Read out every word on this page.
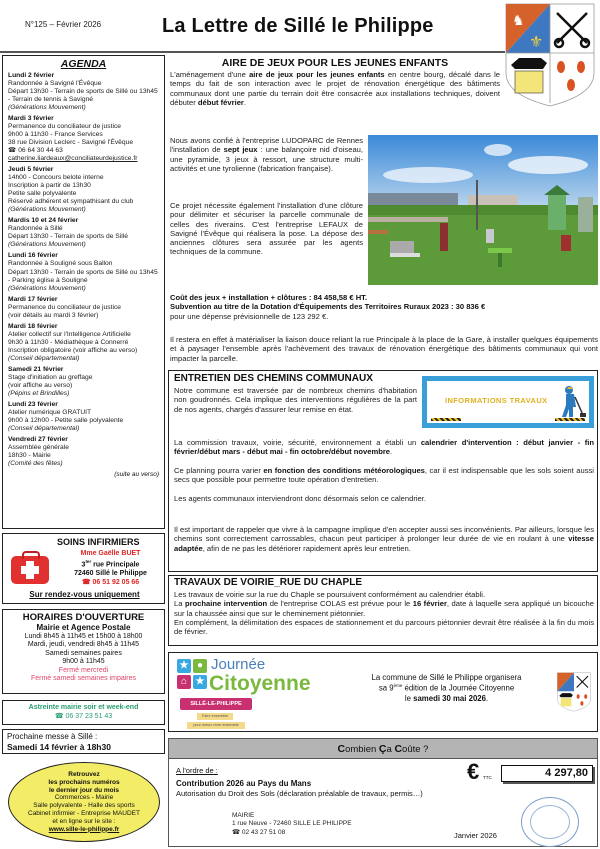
N°125 – Février 2026	La Lettre de Sillé le Philippe	♞
⚜
AGENDA
Lundi 2 février
Randonnée à Savigné l'Évêque
Départ 13h30 - Terrain de sports de Sillé ou 13h45 - Terrain de tennis à Savigné
(Générations Mouvement)
Mardi 3 février
Permanence du conciliateur de justice
9h00 à 11h30 - France Services
38 rue Division Leclerc - Savigné l'Évêque
☎ 06 64 30 44 63
catherine.liardeaux@conciliateurdejustice.fr
Jeudi 5 février
14h00 - Concours belote interne
Inscription à partir de 13h30
Petite salle polyvalente
Réservé adhérent et sympathisant du club
(Générations Mouvement)
Mardis 10 et 24 février
Randonnée à Sillé
Départ 13h30 - Terrain de sports de Sillé
(Générations Mouvement)
Lundi 16 février
Randonnée à Souligné sous Ballon
Départ 13h30 - Terrain de sports de Sillé ou 13h45 - Parking église à Souligné
(Générations Mouvement)
Mardi 17 février
Permanence du conciliateur de justice
(voir détails au mardi 3 février)
Mardi 18 février
Atelier collectif sur l'Intelligence Artificielle
9h30 à 11h30 - Médiathèque à Connerré
Inscription obligatoire (voir affiche au verso)
(Conseil départemental)
Samedi 21 février
Stage d'initiation au greffage
(voir affiche au verso)
(Pépins et Brindilles)
Lundi 23 février
Atelier numérique GRATUIT
9h00 à 12h00 - Petite salle polyvalente
(Conseil départemental)
Vendredi 27 février
Assemblée générale
18h30 - Mairie
(Comité des fêtes)
(suite au verso)
SOINS INFIRMIERS
Mme Gaëlle BUET
$3^{ter}$ rue Principale
72460 Sillé le Philippe
☎ 06 51 92 05 66
Sur rendez-vous uniquement
HORAIRES D'OUVERTURE
Mairie et Agence Postale
Lundi 8h45 à 11h45 et 15h00 à 18h00
Mardi, jeudi, vendredi 8h45 à 11h45
Samedi semaines paires
9h00 à 11h45
Fermé mercredi
Fermé samedi semaines impaires
Astreinte mairie soir et week-end
☎ 06 37 23 51 43
Prochaine messe à Sillé :
Samedi 14 février à 18h30
Retrouvez
les prochains numéros
le dernier jour du mois
Commerces - Mairie
Salle polyvalente - Halle des sports
Cabinet infirmier - Entreprise MAUDET
et en ligne sur le site :
www.sille-le-philippe.fr
AIRE DE JEUX POUR LES JEUNES ENFANTS
L'aménagement d'une aire de jeux pour les jeunes enfants en centre bourg, décalé dans le temps du fait de son interaction avec le projet de rénovation énergétique des bâtiments communaux dont une partie du terrain doit être consacrée aux installations techniques, doivent débuter début février.
Nous avons confié à l'entreprise LUDOPARC de Rennes l'installation de sept jeux : une balançoire nid d'oiseau, une pyramide, 3 jeux à ressort, une structure multi-activités et une tyrolienne (fabrication française).
Ce projet nécessite également l'installation d'une clôture pour délimiter et sécuriser la parcelle communale de celles des riverains. C'est l'entreprise LEFAUX de Savigné l'Évêque qui réalisera la pose. La dépose des anciennes clôtures sera assurée par les agents techniques de la commune.
Coût des jeux + installation + clôtures : 84 458,58 € HT.
Subvention au titre de la Dotation d'Équipements des Territoires Ruraux 2023 : 30 836 €
pour une dépense prévisionnelle de 123 292 €.
Il restera en effet à matérialiser la liaison douce reliant la rue Principale à la place de la Gare, à installer quelques équipements et à paysager l'ensemble après l'achèvement des travaux de rénovation énergétique des bâtiments communaux qui vont impacter la parcelle.
ENTRETIEN DES CHEMINS COMMUNAUX
Notre commune est traversée par de nombreux chemins d'habitation non goudronnés. Cela implique des interventions régulières de la part de nos agents, chargés d'assurer leur remise en état.
INFORMATIONS TRAVAUX
La commission travaux, voirie, sécurité, environnement a établi un calendrier d'intervention : début janvier - fin février/début mars - début mai - fin octobre/début novembre.
Ce planning pourra varier en fonction des conditions météorologiques, car il est indispensable que les sols soient aussi secs que possible pour permettre toute opération d'entretien.
Les agents communaux interviendront donc désormais selon ce calendrier.
Il est important de rappeler que vivre à la campagne implique d'en accepter aussi ses inconvénients. Par ailleurs, lorsque les chemins sont correctement carrossables, chacun peut participer à prolonger leur durée de vie en roulant à une vitesse adaptée, afin de ne pas les détériorer rapidement après leur entretien.
TRAVAUX DE VOIRIE_RUE DU CHAPLE
Les travaux de voirie sur la rue du Chaple se poursuivent conformément au calendrier établi.
La prochaine intervention de l'entreprise COLAS est prévue pour le 16 février, date à laquelle sera appliqué un bicouche sur la chaussée ainsi que sur le cheminement piétonnier.
En complément, la délimitation des espaces de stationnement et du parcours piétonnier devrait être réalisée à la fin du mois de février.
★ ●
⌂ ★
Journée
Citoyenne
SILLÉ-LE-PHILIPPE
Faire ensemble
pour mieux vivre ensemble
La commune de Sillé le Philippe organisera
sa 9ème édition de la Journée Citoyenne
le samedi 30 mai 2026.
Combien Ça Coûte ?
A l'ordre de :
Contribution 2026 au Pays du Mans
Autorisation du Droit des Sols (déclaration préalable de travaux, permis…)
€ TTC	4 297,80
MAIRIE
1 rue Neuve - 72460 SILLE LE PHILIPPE
☎ 02 43 27 51 08	Janvier 2026
